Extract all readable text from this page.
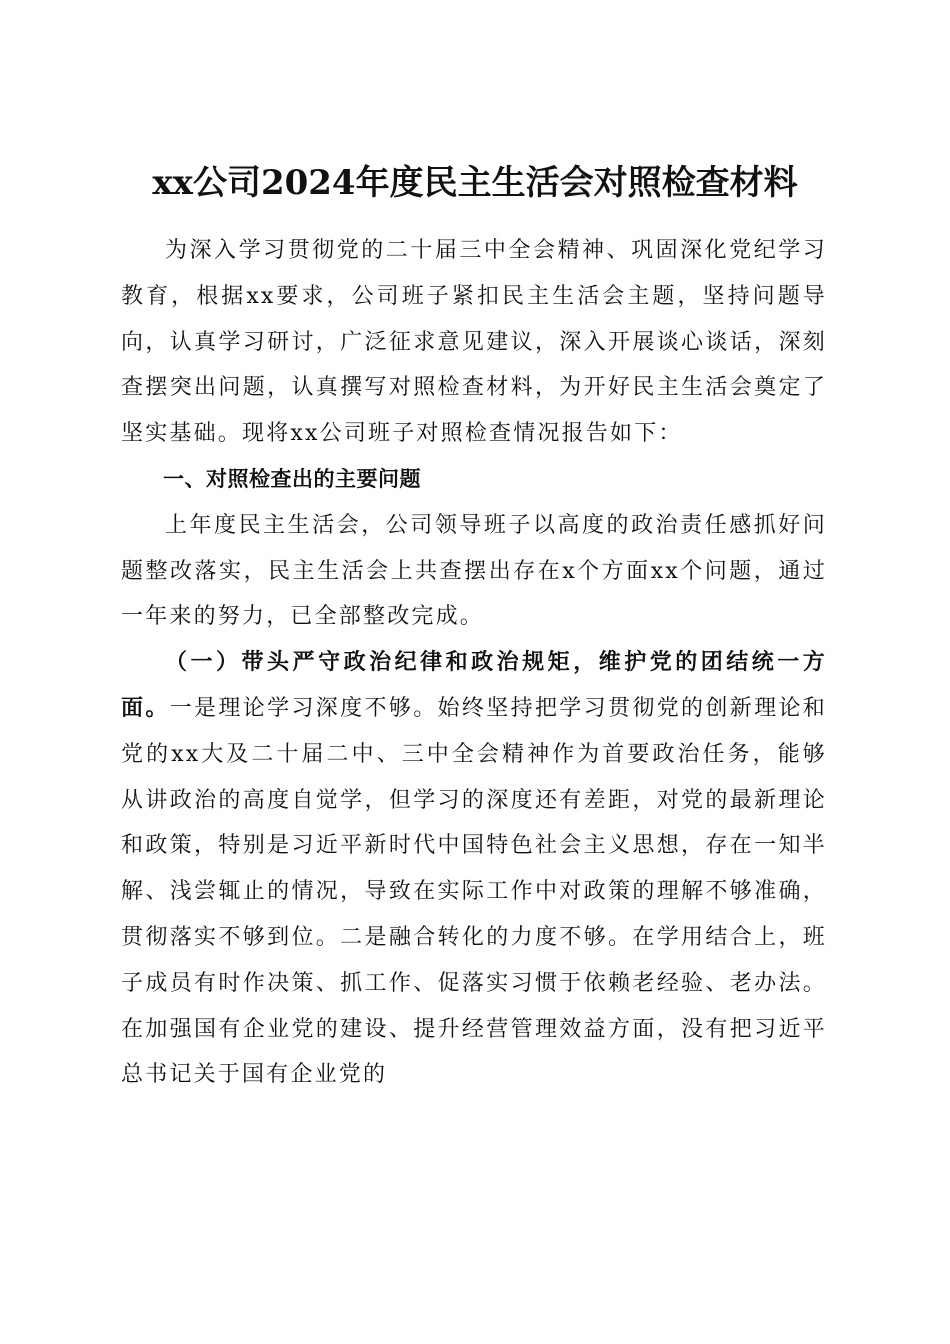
xx公司2024年度民主生活会对照检查材料

为深入学习贯彻党的二十届三中全会精神、巩固深化党纪学习教育，根据xx要求，公司班子紧扣民主生活会主题，坚持问题导向，认真学习研讨，广泛征求意见建议，深入开展谈心谈话，深刻查摆突出问题，认真撰写对照检查材料，为开好民主生活会奠定了坚实基础。现将xx公司班子对照检查情况报告如下：

一、对照检查出的主要问题

上年度民主生活会，公司领导班子以高度的政治责任感抓好问题整改落实，民主生活会上共查摆出存在x个方面xx个问题，通过一年来的努力，已全部整改完成。

（一）带头严守政治纪律和政治规矩，维护党的团结统一方面。一是理论学习深度不够。始终坚持把学习贯彻党的创新理论和党的xx大及二十届二中、三中全会精神作为首要政治任务，能够从讲政治的高度自觉学，但学习的深度还有差距，对党的最新理论和政策，特别是习近平新时代中国特色社会主义思想，存在一知半解、浅尝辄止的情况，导致在实际工作中对政策的理解不够准确，贯彻落实不够到位。二是融合转化的力度不够。在学用结合上，班子成员有时作决策、抓工作、促落实习惯于依赖老经验、老办法。在加强国有企业党的建设、提升经营管理效益方面，没有把习近平总书记关于国有企业党的
